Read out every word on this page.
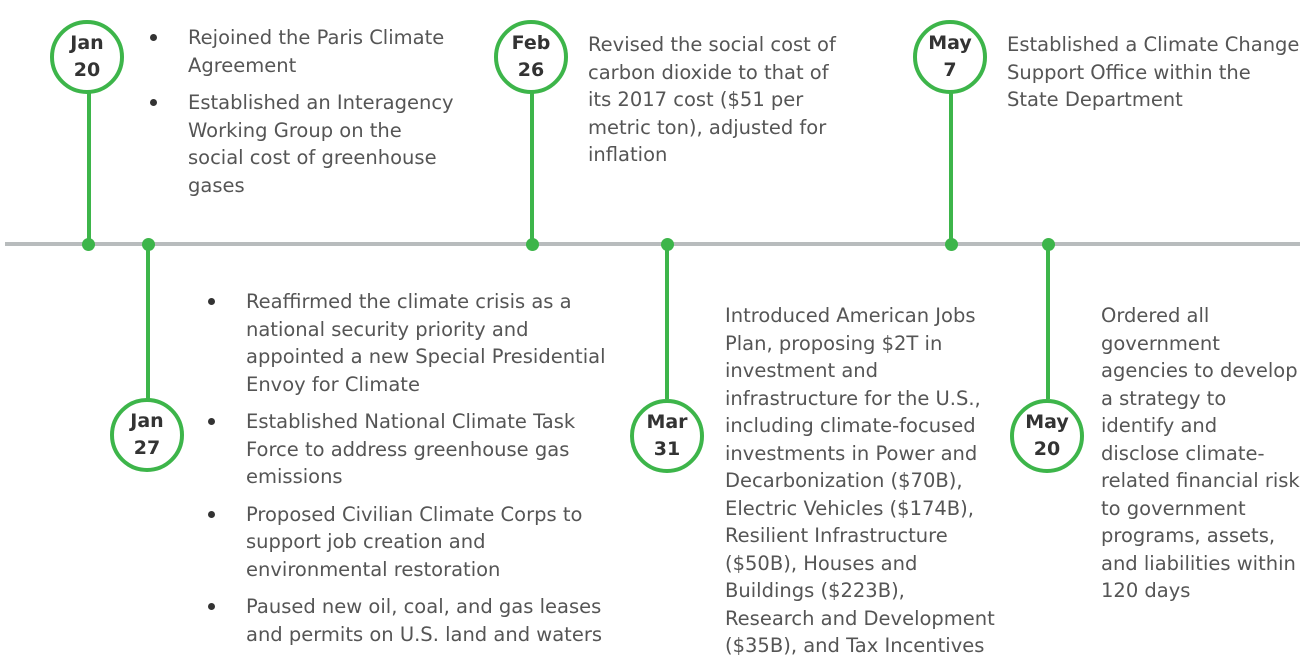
Jan
20
Rejoined the Paris Climate Agreement
Established an Interagency Working Group on the social cost of greenhouse gases
Jan
27
Reaffirmed the climate crisis as a national security priority and appointed a new Special Presidential Envoy for Climate
Established National Climate Task Force to address greenhouse gas emissions
Proposed Civilian Climate Corps to support job creation and environmental restoration
Paused new oil, coal, and gas leases and permits on U.S. land and waters
Feb
26
Revised the social cost of carbon dioxide to that of its 2017 cost ($51 per metric ton), adjusted for inflation
Mar
31
Introduced American Jobs Plan, proposing $2T in investment and infrastructure for the U.S., including climate-focused investments in Power and Decarbonization ($70B), Electric Vehicles ($174B), Resilient Infrastructure ($50B), Houses and Buildings ($223B), Research and Development ($35B), and Tax Incentives
May
7
Established a Climate Change Support Office within the State Department
May
20
Ordered all government agencies to develop a strategy to identify and disclose climate-related financial risk to government programs, assets, and liabilities within 120 days
